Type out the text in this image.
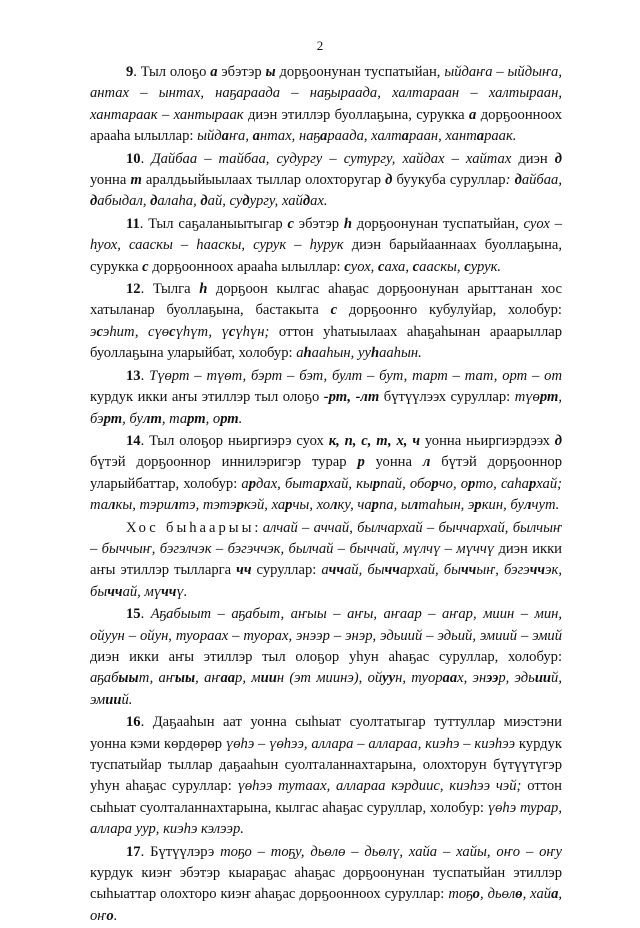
2

9. Тыл олоҕо а эбэтэр ы дорҕоонунан туспатыйан, ыйдаҥа – ыйдыҥа, антах – ынтах, наҕараада – наҕыраада, халтараан – халтыраан, хантараак – хантыраак диэн этиллэр буоллаҕына, сурукка а дорҕоонноох арааһа ылыллар: ыйдаҥа, антах, наҕараада, халтараан, хантараак.

10. Дайбаа – тайбаа, судургу – сутургу, хайдах – хайтах диэн д уонна т аралдьыйыылаах тыллар олохторугар д буукуба суруллар: дайбаа, дабыдал, далаһа, дай, судургу, хайдах.

11. Тыл саҕаланыытыгар с эбэтэр һ дорҕоонунан туспатыйан, суох – һуох, сааскы – һааскы, сурук – һурук диэн барыйааннаах буоллаҕына, сурукка с дорҕоонноох арааһа ылыллар: суох, саха, сааскы, сурук.

12. Тылга h дорҕоон кылгас аһаҕас дорҕоонунан арыттанан хос хатыланар буоллаҕына, бастакыта с дорҕоонҥо кубулуйар, холобур: эсэһит, сүөсүһүт, үсүһүн; оттон уһатыылаах аһаҕаһынан араарыллар буоллаҕына уларыйбат, холобур: аһааһын, ууһааһын.

13. Түөрт – түөт, бэрт – бэт, булт – бут, тарт – тат, орт – от курдук икки аҥы этиллэр тыл олоҕо -рт, -лт бүтүүлээх суруллар: түөрт, бэрт, булт, тарт, орт.

14. Тыл олоҕор ньиргиэрэ суох к, п, с, т, х, ч уонна ньиргиэрдээх д бүтэй дорҕооннор иннилэригэр турар р уонна л бүтэй дорҕооннор уларыйбаттар, холобур: ардах, бытархай, кырпай, оборчо, орто, саһархай; талкы, тэрилтэ, тэтэркэй, харчы, холку, чарпа, ылтаһын, эркин, булчут.

Хос быһаарыы: алчай – аччай, былчархай – быччархай, былчыҥ – быччыҥ, бэгэлчэк – бэгэччэк, былчай – быччай, мүлчү – мүччү диэн икки аҥы этиллэр тылларга чч суруллар: аччай, быччархай, быччыҥ, бэгэччэк, быччай, мүччү.

15. Аҕабыыт – аҕабыт, аҥыы – аҥы, аҥаар – аҥар, миин – мин, ойуун – ойун, туораах – туорах, энээр – энэр, эдьиий – эдьий, эмиий – эмий диэн икки аҥы этиллэр тыл олоҕор уһун аһаҕас суруллар, холобур: аҕабыыт, аҥыы, аҥаар, миин (эт миинэ), ойуун, туораах, энээр, эдьиий, эмиий.

16. Даҕааһын аат уонна сыһыат суолтатыгар туттуллар миэстэни уонна кэми көрдөрөр үөһэ – үөһээ, аллара – аллараа, киэһэ – киэһээ курдук туспатыйар тыллар даҕааһын суолталаннахтарына, олохторун бүтүүтүгэр уһун аһаҕас суруллар: үөһээ тутаах, аллараа кэрдиис, киэһээ чэй; оттон сыһыат суолталаннахтарына, кылгас аһаҕас суруллар, холобур: үөһэ турар, аллара уур, киэһэ кэлээр.

17. Бүтүүлэрэ тоҕо – тоҕу, дьөлө – дьөлү, хайа – хайы, оҥо – оҥу курдук киэҥ эбэтэр кыараҕас аһаҕас дорҕоонунан туспатыйан этиллэр сыһыаттар олохторо киэҥ аһаҕас дорҕоонноох суруллар: тоҕо, дьөлө, хайа, оҥо.
